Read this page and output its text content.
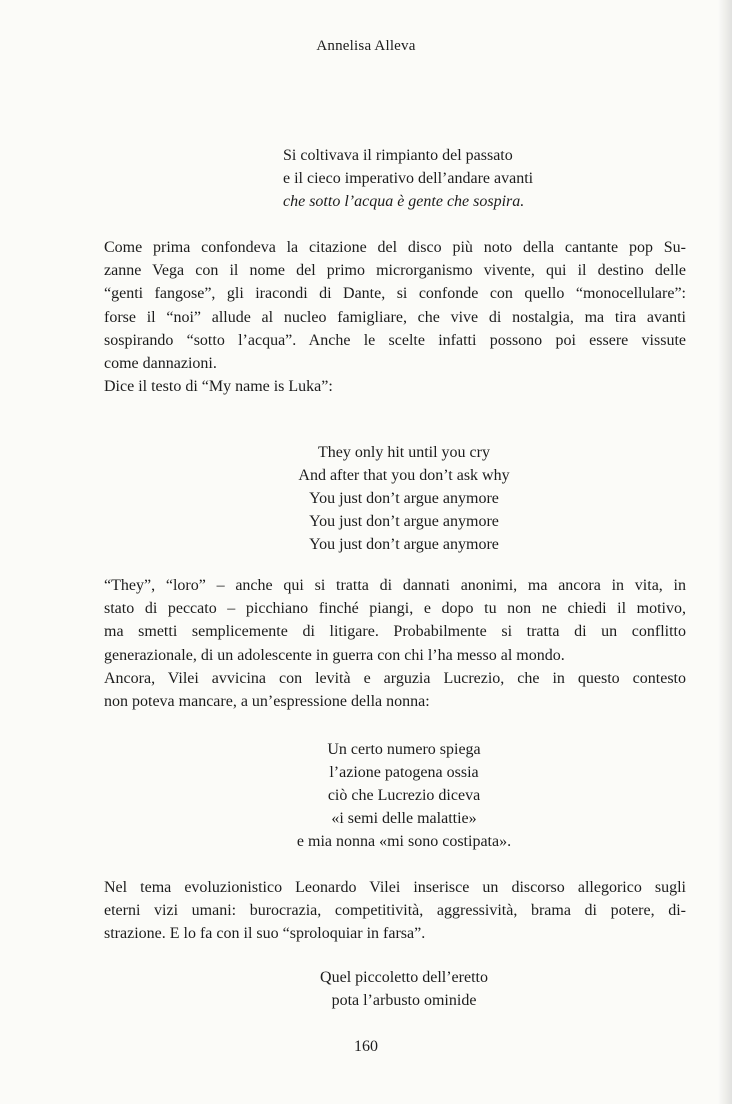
Annelisa Alleva
Si coltivava il rimpianto del passato
e il cieco imperativo dell’andare avanti
che sotto l’acqua è gente che sospira.

Come prima confondeva la citazione del disco più noto della cantante pop Su-

zanne Vega con il nome del primo microrganismo vivente, qui il destino delle

“genti fangose”, gli iracondi di Dante, si confonde con quello “monocellulare”:

forse il “noi” allude al nucleo famigliare, che vive di nostalgia, ma tira avanti

sospirando “sotto l’acqua”. Anche le scelte infatti possono poi essere vissute

come dannazioni.

Dice il testo di “My name is Luka”:

They only hit until you cry
And after that you don’t ask why
You just don’t argue anymore
You just don’t argue anymore
You just don’t argue anymore

“They”, “loro” – anche qui si tratta di dannati anonimi, ma ancora in vita, in

stato di peccato – picchiano finché piangi, e dopo tu non ne chiedi il motivo,

ma smetti semplicemente di litigare. Probabilmente si tratta di un conflitto

generazionale, di un adolescente in guerra con chi l’ha messo al mondo.

Ancora, Vilei avvicina con levità e arguzia Lucrezio, che in questo contesto

non poteva mancare, a un’espressione della nonna:

Un certo numero spiega
l’azione patogena ossia
ciò che Lucrezio diceva
«i semi delle malattie»
e mia nonna «mi sono costipata».

Nel tema evoluzionistico Leonardo Vilei inserisce un discorso allegorico sugli

eterni vizi umani: burocrazia, competitività, aggressività, brama di potere, di-

strazione. E lo fa con il suo “sproloquiar in farsa”.

Quel piccoletto dell’eretto
pota l’arbusto ominide
160
